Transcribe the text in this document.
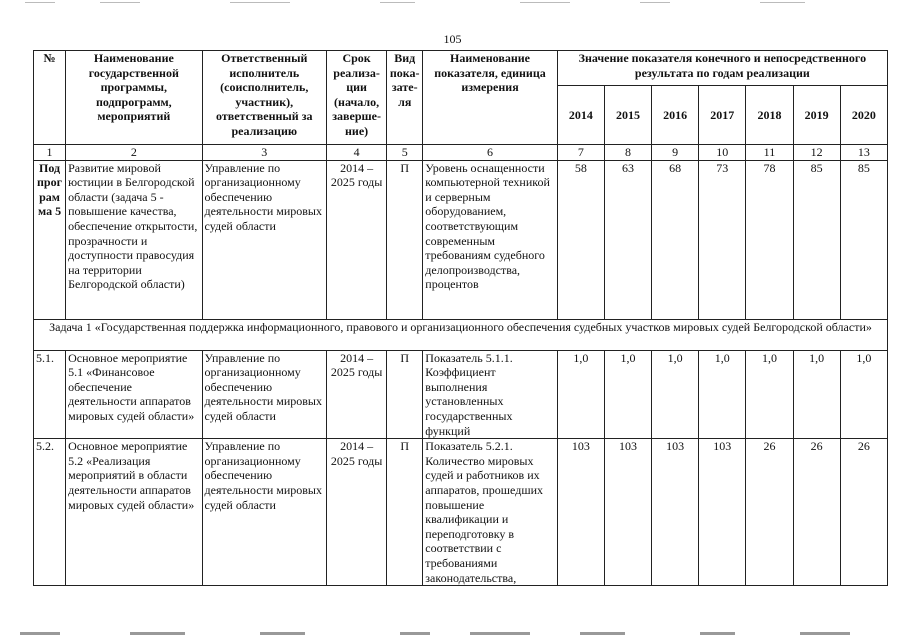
105
№	Наименование государственной программы, подпрограмм, мероприятий	Ответственный исполнитель (соисполнитель, участник), ответственный за реализацию	Срок реализа-ции (начало, заверше-ние)	Вид пока-зате-ля	Наименование показателя, единица измерения	Значение показателя конечного и непосредственного результата по годам реализации						
						2014	2015	2016	2017	2018	2019	2020
1	2	3	4	5	6	7	8	9	10	11	12	13
Под прог рам ма 5	Развитие мировой юстиции в Белгородской области (задача 5 - повышение качества, обеспечение открытости, прозрачности и доступности правосудия на территории Белгородской области)	Управление по организационному обеспечению деятельности мировых судей области	2014 – 2025 годы	П	Уровень оснащенности компьютерной техникой и серверным оборудованием, соответствующим современным требованиям судебного делопроизводства, процентов	58	63	68	73	78	85	85
Задача 1 «Государственная поддержка информационного, правового и организационного обеспечения судебных участков мировых судей Белгородской области»												
5.1.	Основное мероприятие 5.1 «Финансовое обеспечение деятельности аппаратов мировых судей области»	Управление по организационному обеспечению деятельности мировых судей области	2014 – 2025 годы	П	Показатель 5.1.1. Коэффициент выполнения установленных государственных функций	1,0	1,0	1,0	1,0	1,0	1,0	1,0
5.2.	Основное мероприятие 5.2 «Реализация мероприятий в области деятельности аппаратов мировых судей области»	Управление по организационному обеспечению деятельности мировых судей области	2014 – 2025 годы	П	Показатель 5.2.1. Количество мировых судей и работников их аппаратов, прошедших повышение квалификации и переподготовку в соответствии с требованиями законодательства,	103	103	103	103	26	26	26
